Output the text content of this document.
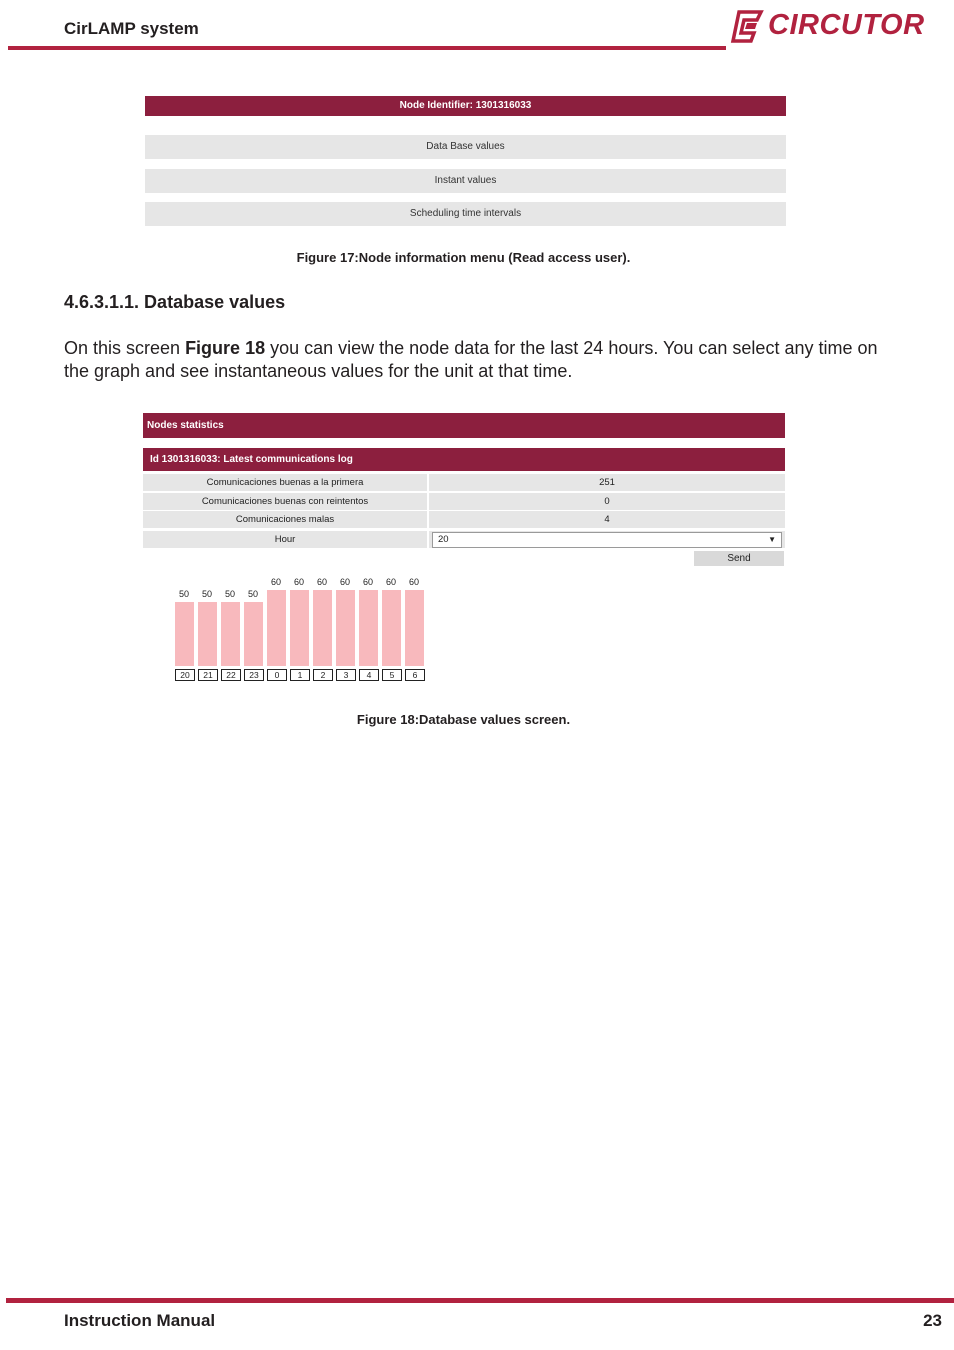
CirLAMP system	CIRCUTOR
Node Identifier: 1301316033
Data Base values
Instant values
Scheduling time intervals
Figure 17:Node information menu (Read access user).
4.6.3.1.1. Database values
On this screen Figure 18 you can view the node data for the last 24 hours. You can select any time on the graph and see instantaneous values for the unit at that time.
Nodes statistics
Id 1301316033: Latest communications log
Comunicaciones buenas a la primera	251
Comunicaciones buenas con reintentos	0
Comunicaciones malas	4
Hour	20	▼
Send
50
20
50
21
50
22
50
23
60
0
60
1
60
2
60
3
60
4
60
5
60
6
Figure 18:Database values screen.
Instruction Manual	23
